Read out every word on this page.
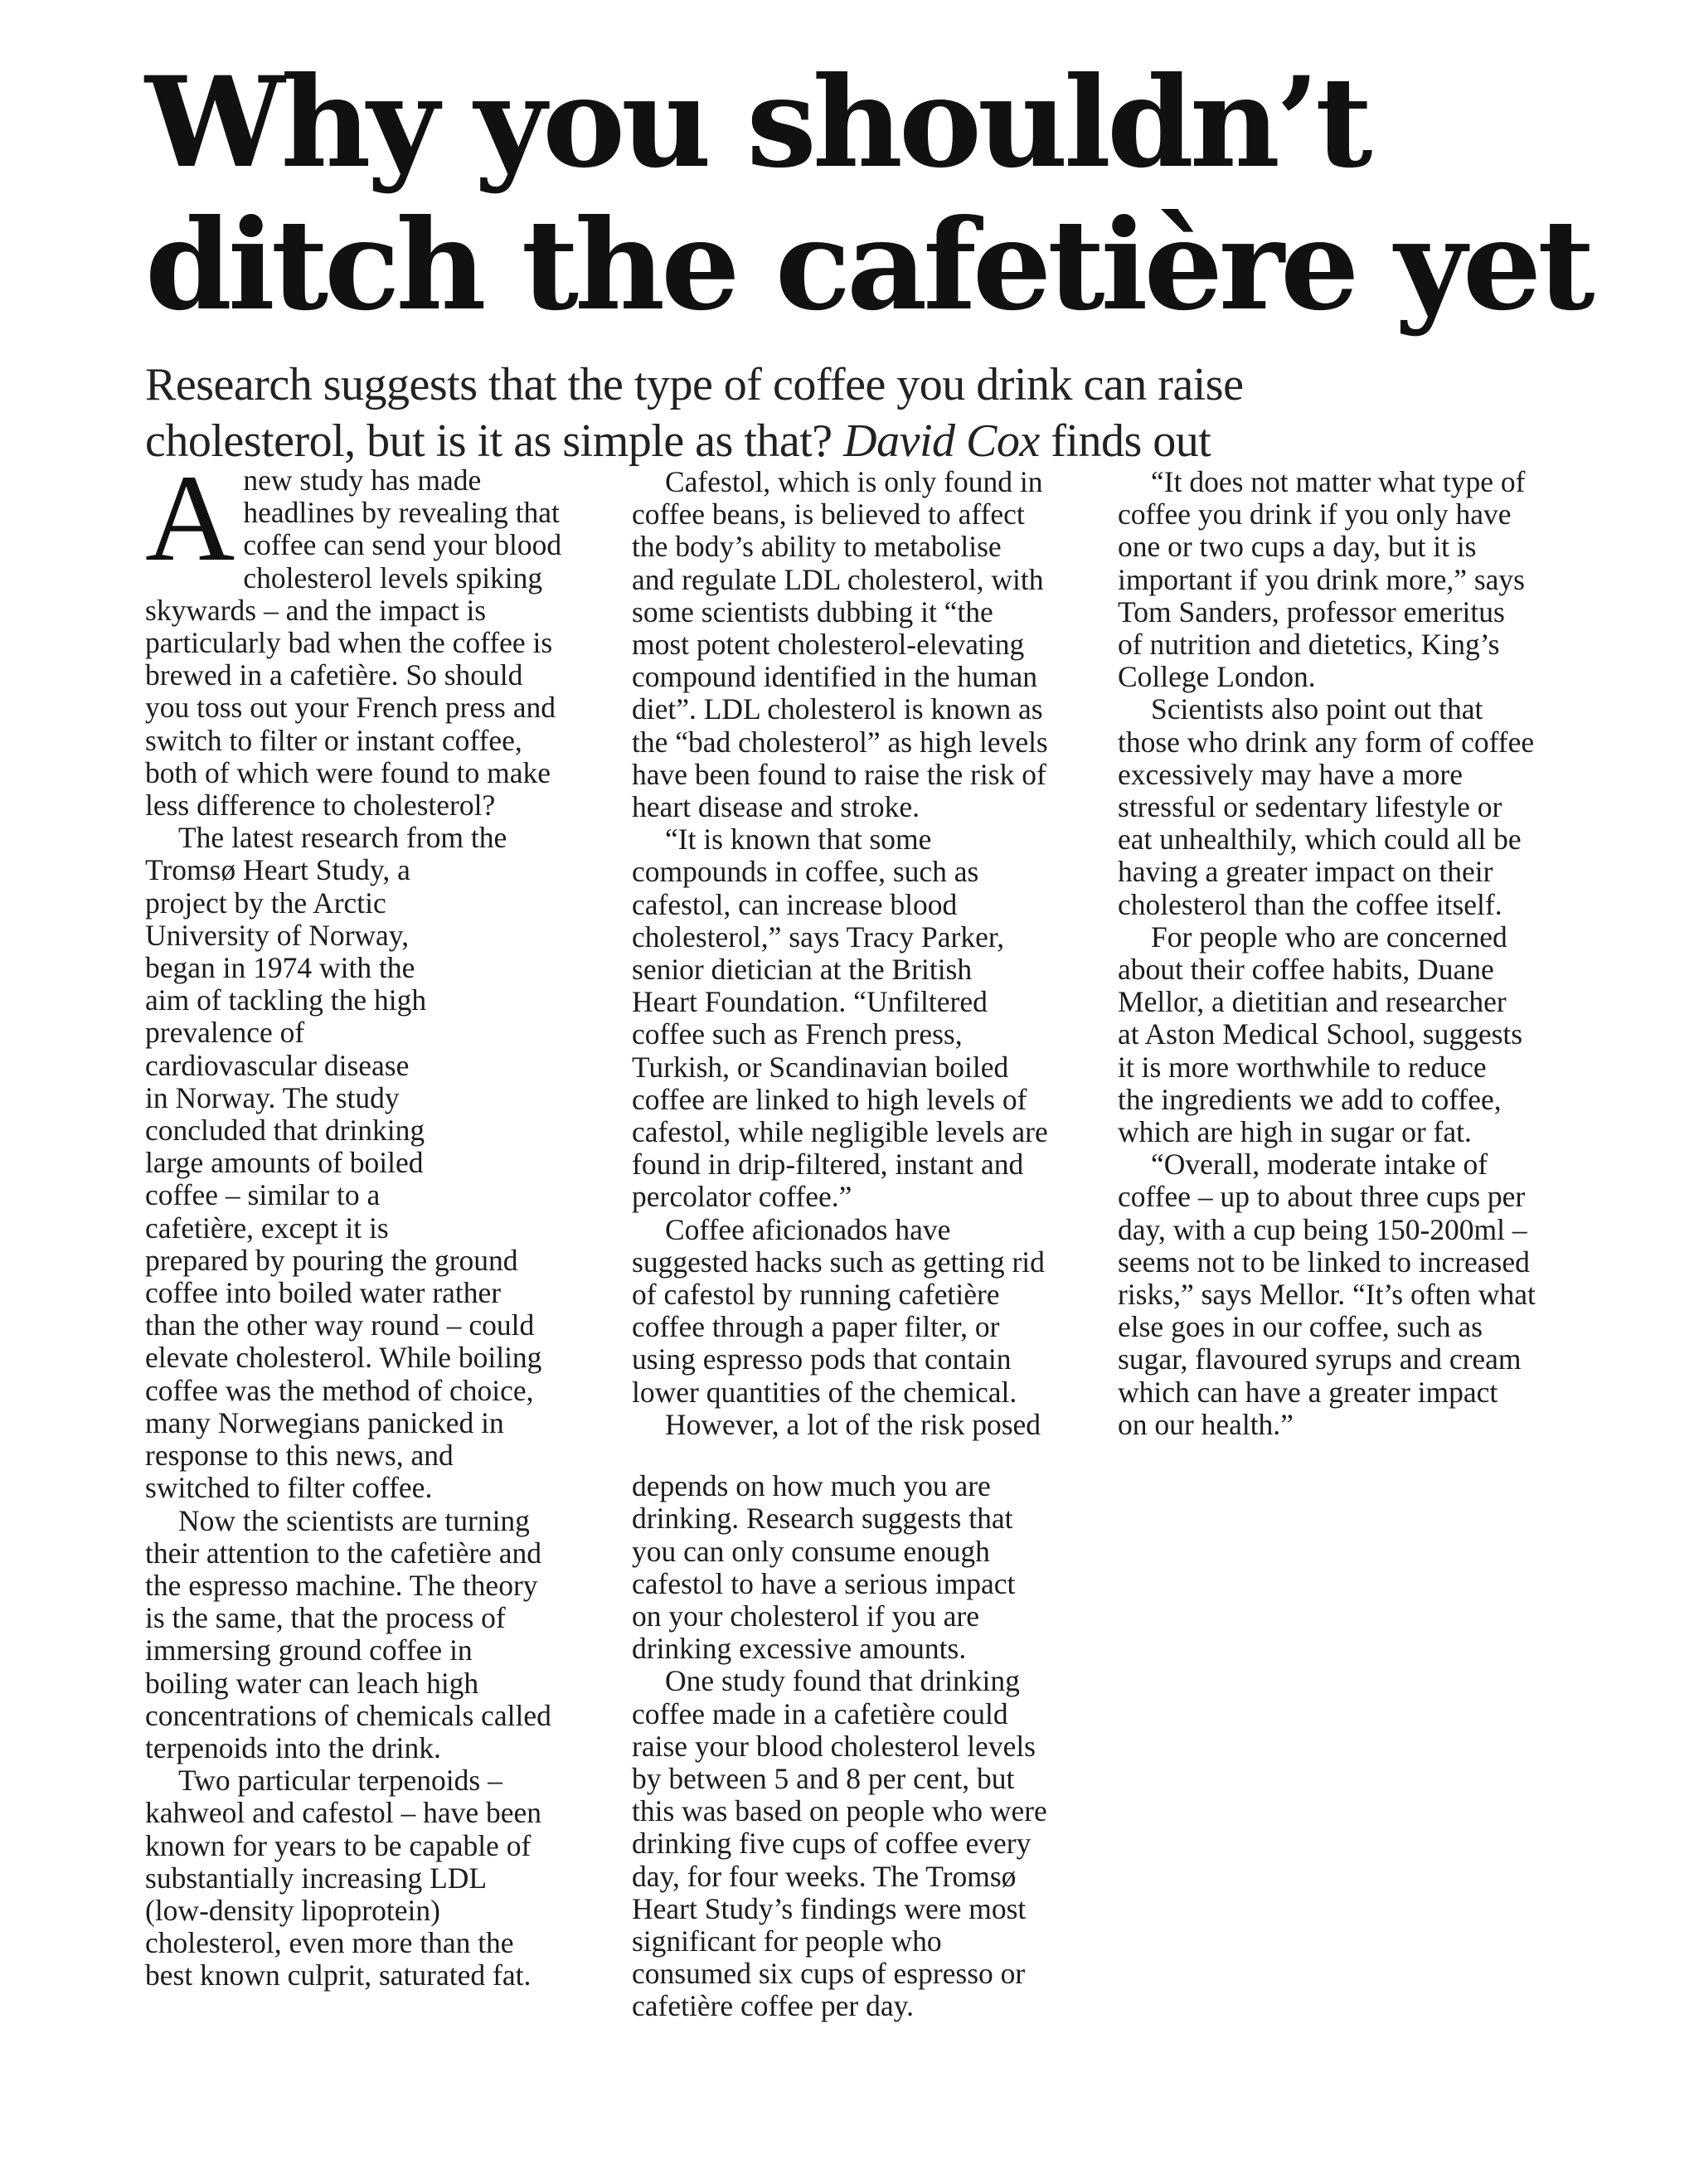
Why you shouldn’t
ditch the cafetière yet
Research suggests that the type of coffee you drink can raise
cholesterol, but is it as simple as that? David Cox finds out
A new study has made
headlines by revealing that
coffee can send your blood

cholesterol levels spiking
skywards – and the impact is
particularly bad when the coffee is
brewed in a cafetière. So should
you toss out your French press and
switch to filter or instant coffee,
both of which were found to make
less difference to cholesterol?

The latest research from the
Tromsø Heart Study, a
project by the Arctic
University of Norway,
began in 1974 with the
aim of tackling the high
prevalence of
cardiovascular disease
in Norway. The study
concluded that drinking
large amounts of boiled
coffee – similar to a
cafetière, except it is
prepared by pouring the ground
coffee into boiled water rather
than the other way round – could
elevate cholesterol. While boiling
coffee was the method of choice,
many Norwegians panicked in
response to this news, and
switched to filter coffee.

Now the scientists are turning
their attention to the cafetière and
the espresso machine. The theory
is the same, that the process of
immersing ground coffee in
boiling water can leach high
concentrations of chemicals called
terpenoids into the drink.

Two particular terpenoids –
kahweol and cafestol – have been
known for years to be capable of
substantially increasing LDL
(low-density lipoprotein)
cholesterol, even more than the
best known culprit, saturated fat.

Cafestol, which is only found in
coffee beans, is believed to affect
the body’s ability to metabolise
and regulate LDL cholesterol, with
some scientists dubbing it “the
most potent cholesterol-elevating
compound identified in the human
diet”. LDL cholesterol is known as
the “bad cholesterol” as high levels
have been found to raise the risk of
heart disease and stroke.

“It is known that some
compounds in coffee, such as
cafestol, can increase blood
cholesterol,” says Tracy Parker,
senior dietician at the British
Heart Foundation. “Unfiltered
coffee such as French press,
Turkish, or Scandinavian boiled
coffee are linked to high levels of
cafestol, while negligible levels are
found in drip-filtered, instant and
percolator coffee.”

Coffee aficionados have
suggested hacks such as getting rid
of cafestol by running cafetière
coffee through a paper filter, or
using espresso pods that contain
lower quantities of the chemical.

However, a lot of the risk posed

depends on how much you are
drinking. Research suggests that
you can only consume enough
cafestol to have a serious impact
on your cholesterol if you are
drinking excessive amounts.

One study found that drinking
coffee made in a cafetière could
raise your blood cholesterol levels
by between 5 and 8 per cent, but
this was based on people who were
drinking five cups of coffee every
day, for four weeks. The Tromsø
Heart Study’s findings were most
significant for people who
consumed six cups of espresso or
cafetière coffee per day.

“It does not matter what type of
coffee you drink if you only have
one or two cups a day, but it is
important if you drink more,” says
Tom Sanders, professor emeritus
of nutrition and dietetics, King’s
College London.

Scientists also point out that
those who drink any form of coffee
excessively may have a more
stressful or sedentary lifestyle or
eat unhealthily, which could all be
having a greater impact on their
cholesterol than the coffee itself.

For people who are concerned
about their coffee habits, Duane
Mellor, a dietitian and researcher
at Aston Medical School, suggests
it is more worthwhile to reduce
the ingredients we add to coffee,
which are high in sugar or fat.

“Overall, moderate intake of
coffee – up to about three cups per
day, with a cup being 150-200ml –
seems not to be linked to increased
risks,” says Mellor. “It’s often what
else goes in our coffee, such as
sugar, flavoured syrups and cream
which can have a greater impact
on our health.”
